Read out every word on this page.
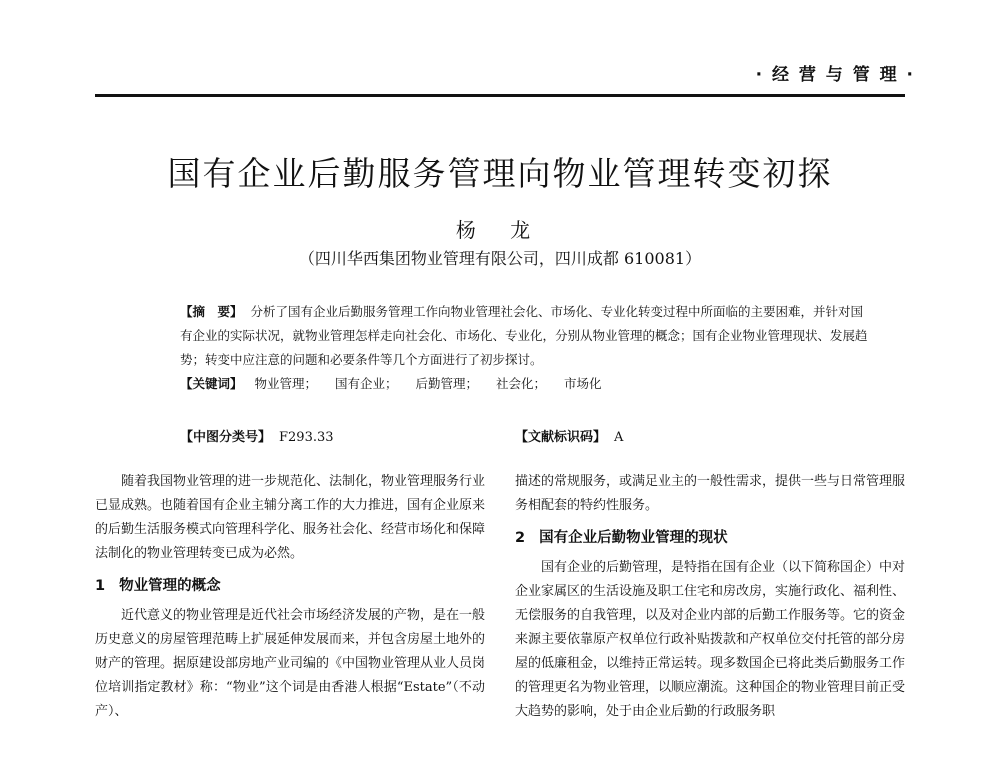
· 经 营 与 管 理 ·
国有企业后勤服务管理向物业管理转变初探
杨 龙
（四川华西集团物业管理有限公司，四川成都 610081）
【摘　要】 分析了国有企业后勤服务管理工作向物业管理社会化、市场化、专业化转变过程中所面临的主要困难，并针对国有企业的实际状况，就物业管理怎样走向社会化、市场化、专业化，分别从物业管理的概念；国有企业物业管理现状、发展趋势；转变中应注意的问题和必要条件等几个方面进行了初步探讨。
【关键词】 物业管理； 国有企业； 后勤管理； 社会化； 市场化
【中图分类号】 F293.33	【文献标识码】 A

随着我国物业管理的进一步规范化、法制化，物业管理服务行业已显成熟。也随着国有企业主辅分离工作的大力推进，国有企业原来的后勤生活服务模式向管理科学化、服务社会化、经营市场化和保障法制化的物业管理转变已成为必然。

1 物业管理的概念

近代意义的物业管理是近代社会市场经济发展的产物，是在一般历史意义的房屋管理范畴上扩展延伸发展而来，并包含房屋土地外的财产的管理。据原建设部房地产业司编的《中国物业管理从业人员岗位培训指定教材》称：“物业”这个词是由香港人根据“Estate”（不动产）、

描述的常规服务，或满足业主的一般性需求，提供一些与日常管理服务相配套的特约性服务。

2 国有企业后勤物业管理的现状

国有企业的后勤管理，是特指在国有企业（以下简称国企）中对企业家属区的生活设施及职工住宅和房改房，实施行政化、福利性、无偿服务的自我管理，以及对企业内部的后勤工作服务等。它的资金来源主要依靠原产权单位行政补贴拨款和产权单位交付托管的部分房屋的低廉租金，以维持正常运转。现多数国企已将此类后勤服务工作的管理更名为物业管理，以顺应潮流。这种国企的物业管理目前正受大趋势的影响，处于由企业后勤的行政服务职
